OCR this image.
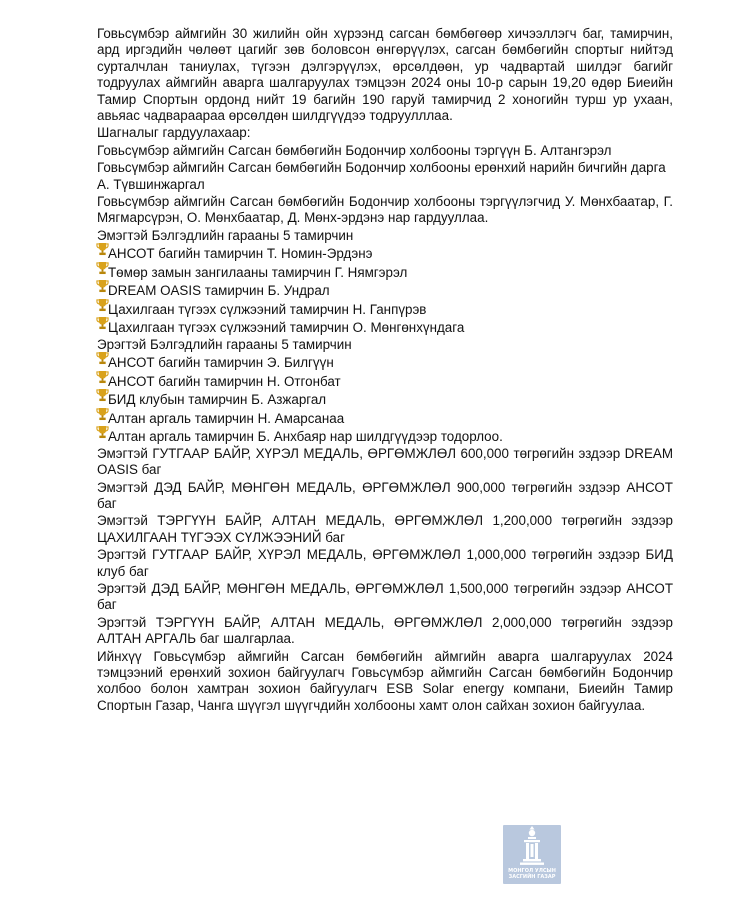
Говьсүмбэр аймгийн 30 жилийн ойн хүрээнд сагсан бөмбөгөөр хичээллэгч баг, тамирчин, ард иргэдийн чөлөөт цагийг зөв боловсон өнгөрүүлэх, сагсан бөмбөгийн спортыг нийтэд сурталчлан таниулах, түгээн дэлгэрүүлэх, өрсөлдөөн, ур чадвартай шилдэг багийг тодруулах аймгийн аварга шалгаруулах тэмцээн 2024 оны 10-р сарын 19,20 өдөр Биеийн Тамир Спортын ордонд нийт 19 багийн 190 гаруй тамирчид 2 хоногийн турш ур ухаан, авьяас чадвараараа өрсөлдөн шилдгүүдээ тодруулллаа.

Шагналыг гардуулахаар:

Говьсүмбэр аймгийн Сагсан бөмбөгийн Бодончир холбооны тэргүүн Б. Алтангэрэл

Говьсүмбэр аймгийн Сагсан бөмбөгийн Бодончир холбооны ерөнхий нарийн бичгийн дарга А. Түвшинжаргал

Говьсүмбэр аймгийн Сагсан бөмбөгийн Бодончир холбооны тэргүүлэгчид У. Мөнхбаатар, Г. Мягмарсүрэн, О. Мөнхбаатар, Д. Мөнх-эрдэнэ нар гардууллаа.

Эмэгтэй Бэлгэдлийн гарааны 5 тамирчин

АНСОТ багийн тамирчин Т. Номин-Эрдэнэ
Төмөр замын зангилааны тамирчин Г. Нямгэрэл
DREAM OASIS тамирчин Б. Ундрал
Цахилгаан түгээх сүлжээний тамирчин Н. Ганпүрэв
Цахилгаан түгээх сүлжээний тамирчин О. Мөнгөнхүндага

Эрэгтэй Бэлгэдлийн гарааны 5 тамирчин

АНСОТ багийн тамирчин Э. Билгүүн
АНСОТ багийн тамирчин Н. Отгонбат
БИД клубын тамирчин Б. Азжаргал
Алтан аргаль тамирчин Н. Амарсанаа
Алтан аргаль тамирчин Б. Анхбаяр нар шилдгүүдээр тодорлоо.

Эмэгтэй ГУТГААР БАЙР, ХҮРЭЛ МЕДАЛЬ, ӨРГӨМЖЛӨЛ 600,000 төгрөгийн эздээр DREAM OASIS баг

Эмэгтэй ДЭД БАЙР, МӨНГӨН МЕДАЛЬ, ӨРГӨМЖЛӨЛ 900,000 төгрөгийн эздээр АНСОТ баг

Эмэгтэй ТЭРГҮҮН БАЙР, АЛТАН МЕДАЛЬ, ӨРГӨМЖЛӨЛ 1,200,000 төгрөгийн эздээр ЦАХИЛГААН ТҮГЭЭХ СҮЛЖЭЭНИЙ баг

Эрэгтэй ГУТГААР БАЙР, ХҮРЭЛ МЕДАЛЬ, ӨРГӨМЖЛӨЛ 1,000,000 төгрөгийн эздээр БИД клуб баг

Эрэгтэй ДЭД БАЙР, МӨНГӨН МЕДАЛЬ, ӨРГӨМЖЛӨЛ 1,500,000 төгрөгийн эздээр АНСОТ баг

Эрэгтэй ТЭРГҮҮН БАЙР, АЛТАН МЕДАЛЬ, ӨРГӨМЖЛӨЛ 2,000,000 төгрөгийн эздээр АЛТАН АРГАЛЬ баг шалгарлаа.

Ийнхүү Говьсүмбэр аймгийн Сагсан бөмбөгийн аймгийн аварга шалгаруулах 2024 тэмцээний ерөнхий зохион байгуулагч Говьсүмбэр аймгийн Сагсан бөмбөгийн Бодончир холбоо болон хамтран зохион байгуулагч ESB Solar energy компани, Биеийн Тамир Спортын Газар, Чанга шүүгэл шүүгчдийн холбооны хамт олон сайхан зохион байгуулаа.

МОНГОЛ УЛСЫН
ЗАСГИЙН ГАЗАР
